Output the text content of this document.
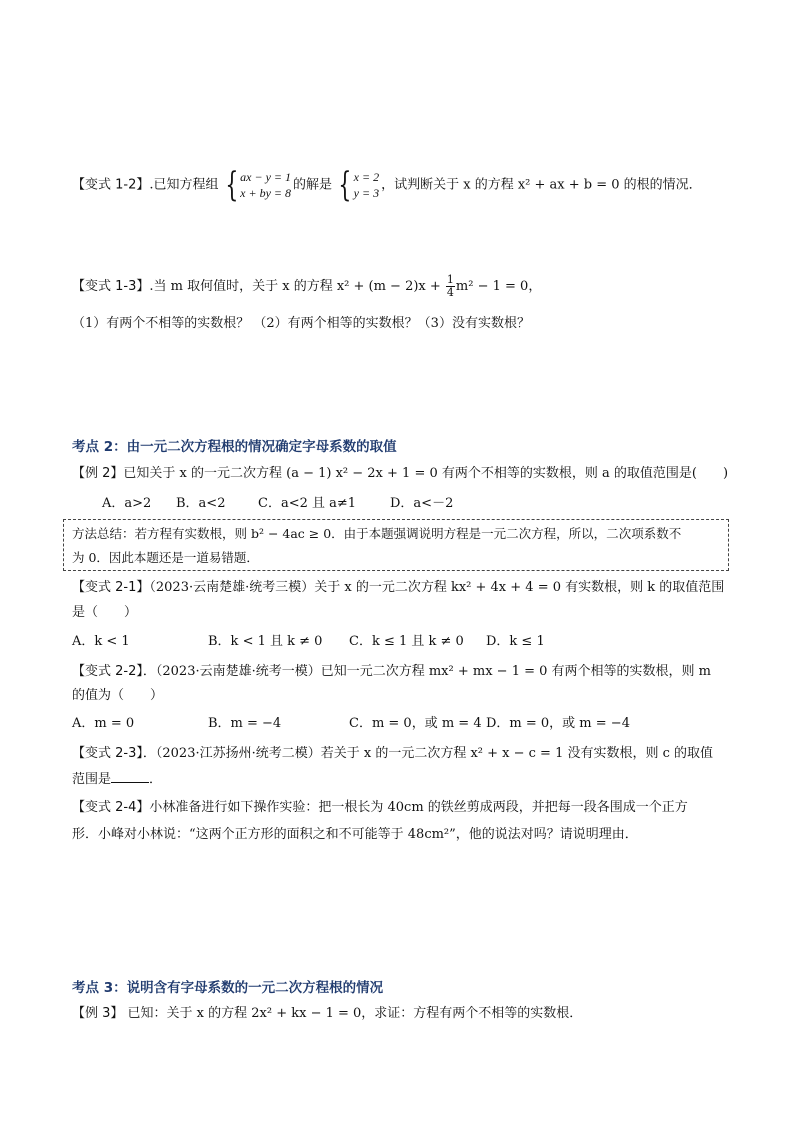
【变式 1-2】.已知方程组 { ax − y = 1
x + by = 8
的解是 { x = 2
y = 3
，试判断关于 x 的方程 x² + ax + b = 0 的根的情况．
【变式 1-3】.当 m 取何值时，关于 x 的方程 $x^2 + (m - 2)x + \frac{1}{4} m^2 - 1 = 0$，
（1）有两个不相等的实数根？ （2）有两个相等的实数根？（3）没有实数根？
考点 2：由一元二次方程根的情况确定字母系数的取值
【例 2】已知关于 x 的一元二次方程 (a − 1) x² − 2x + 1 = 0 有两个不相等的实数根，则 a 的取值范围是(　　)
A．a>2 B．a<2	C．a<2 且 a≠1	D．a<－2
方法总结：若方程有实数根，则 b² − 4ac ≥ 0．由于本题强调说明方程是一元二次方程，所以，二次项系数不
为 0．因此本题还是一道易错题．
【变式 2-1】（2023·云南楚雄·统考三模）关于 x 的一元二次方程 kx² + 4x + 4 = 0 有实数根，则 k 的取值范围
是（　　）
A．k < 1	B．k < 1 且 k ≠ 0 C．k ≤ 1 且 k ≠ 0 D．k ≤ 1
【变式 2-2】．（2023·云南楚雄·统考一模）已知一元二次方程 mx² + mx − 1 = 0 有两个相等的实数根，则 m
的值为（　　）
A．m = 0	B．m = −4	C．m = 0，或 m = 4 D．m = 0，或 m = −4
【变式 2-3】．（2023·江苏扬州·统考二模）若关于 x 的一元二次方程 x² + x − c = 1 没有实数根，则 c 的取值
范围是	．
【变式 2-4】小林准备进行如下操作实验：把一根长为 40cm 的铁丝剪成两段，并把每一段各围成一个正方
形．小峰对小林说：“这两个正方形的面积之和不可能等于 48cm²”，他的说法对吗？请说明理由．
考点 3：说明含有字母系数的一元二次方程根的情况
【例 3】 已知：关于 x 的方程 2x² + kx − 1 = 0，求证：方程有两个不相等的实数根．
